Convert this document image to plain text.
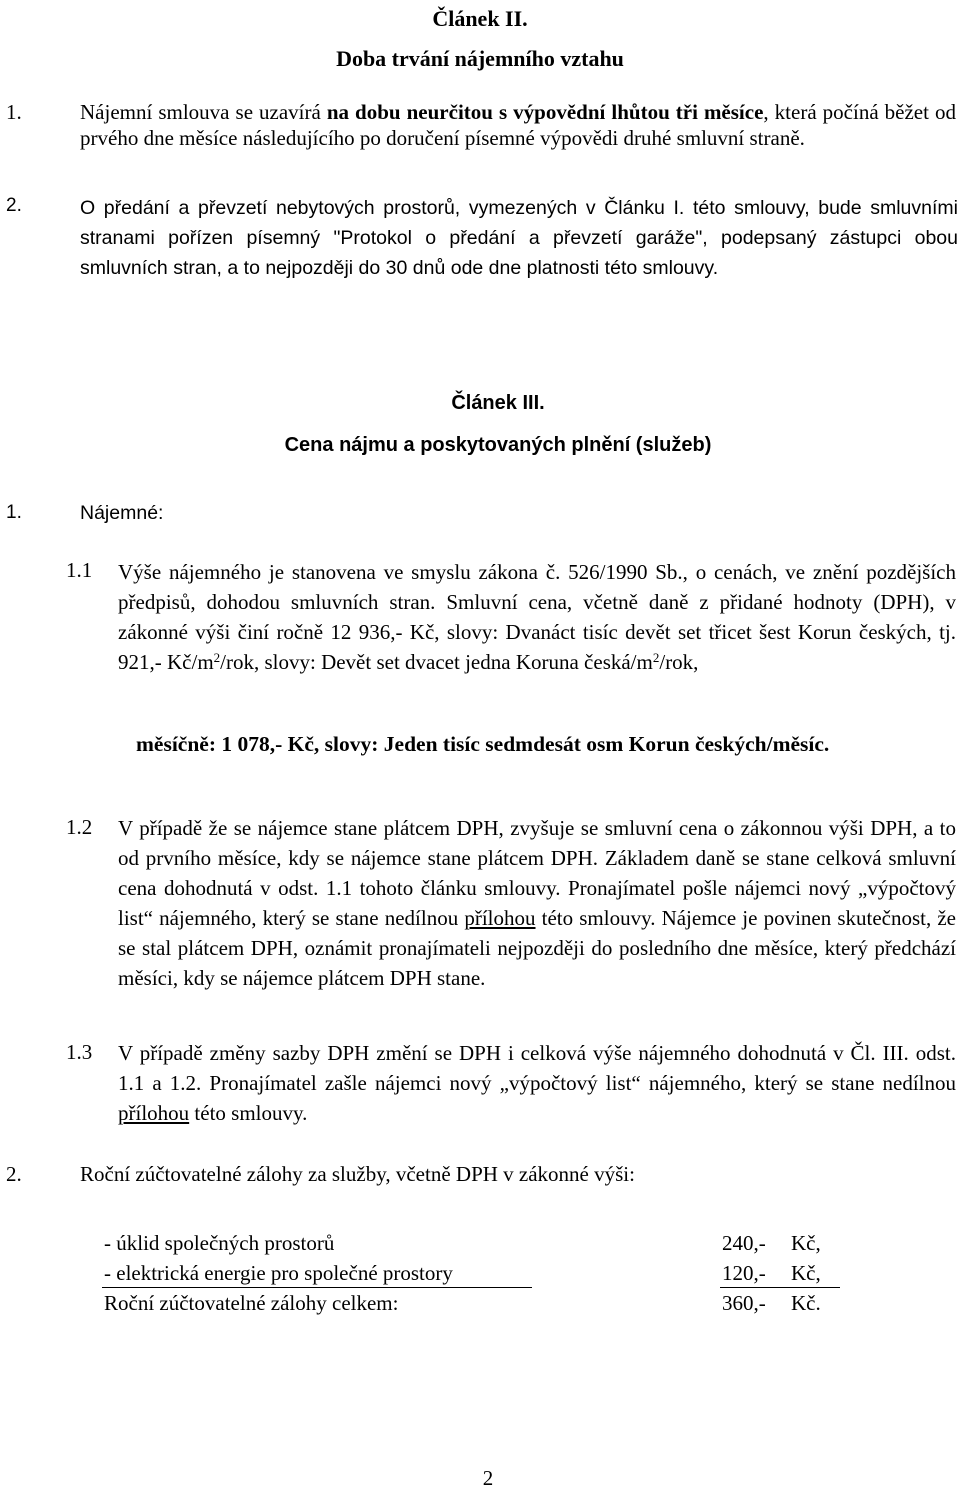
Článek II.
Doba trvání nájemního vztahu
1.	Nájemní smlouva se uzavírá na dobu neurčitou s výpovědní lhůtou tři měsíce, která počíná běžet od prvého dne měsíce následujícího po doručení písemné výpovědi druhé smluvní straně.

2.	O předání a převzetí nebytových prostorů, vymezených v Článku I. této smlouvy, bude smluvními stranami pořízen písemný "Protokol o předání a převzetí garáže", podepsaný zástupci obou smluvních stran, a to nejpozději do 30 dnů ode dne platnosti této smlouvy.

Článek III.
Cena nájmu a poskytovaných plnění (služeb)
1.	Nájemné:
1.1 Výše nájemného je stanovena ve smyslu zákona č. 526/1990 Sb., o cenách, ve znění pozdějších předpisů, dohodou smluvních stran. Smluvní cena, včetně daně z přidané hodnoty (DPH), v zákonné výši činí ročně 12 936,- Kč, slovy: Dvanáct tisíc devět set třicet šest Korun českých, tj. 921,- $Kč/m^2$/rok, slovy: Devět set dvacet jedna Koruna česká/$m^2$/rok,

měsíčně: 1 078,- Kč, slovy: Jeden tisíc sedmdesát osm Korun českých/měsíc.
1.2 V případě že se nájemce stane plátcem DPH, zvyšuje se smluvní cena o zákonnou výši DPH, a to od prvního měsíce, kdy se nájemce stane plátcem DPH. Základem daně se stane celková smluvní cena dohodnutá v odst. 1.1 tohoto článku smlouvy. Pronajímatel pošle nájemci nový „výpočtový list“ nájemného, který se stane nedílnou přílohou této smlouvy. Nájemce je povinen skutečnost, že se stal plátcem DPH, oznámit pronajímateli nejpozději do posledního dne měsíce, který předchází měsíci, kdy se nájemce plátcem DPH stane.

1.3 V případě změny sazby DPH změní se DPH i celková výše nájemného dohodnutá v Čl. III. odst. 1.1 a 1.2. Pronajímatel zašle nájemci nový „výpočtový list“ nájemného, který se stane nedílnou přílohou této smlouvy.

2.	Roční zúčtovatelné zálohy za služby, včetně DPH v zákonné výši:
- úklid společných prostorů	240,- Kč,
- elektrická energie pro společné prostory	120,- Kč,
Roční zúčtovatelné zálohy celkem:	360,- Kč.
2
